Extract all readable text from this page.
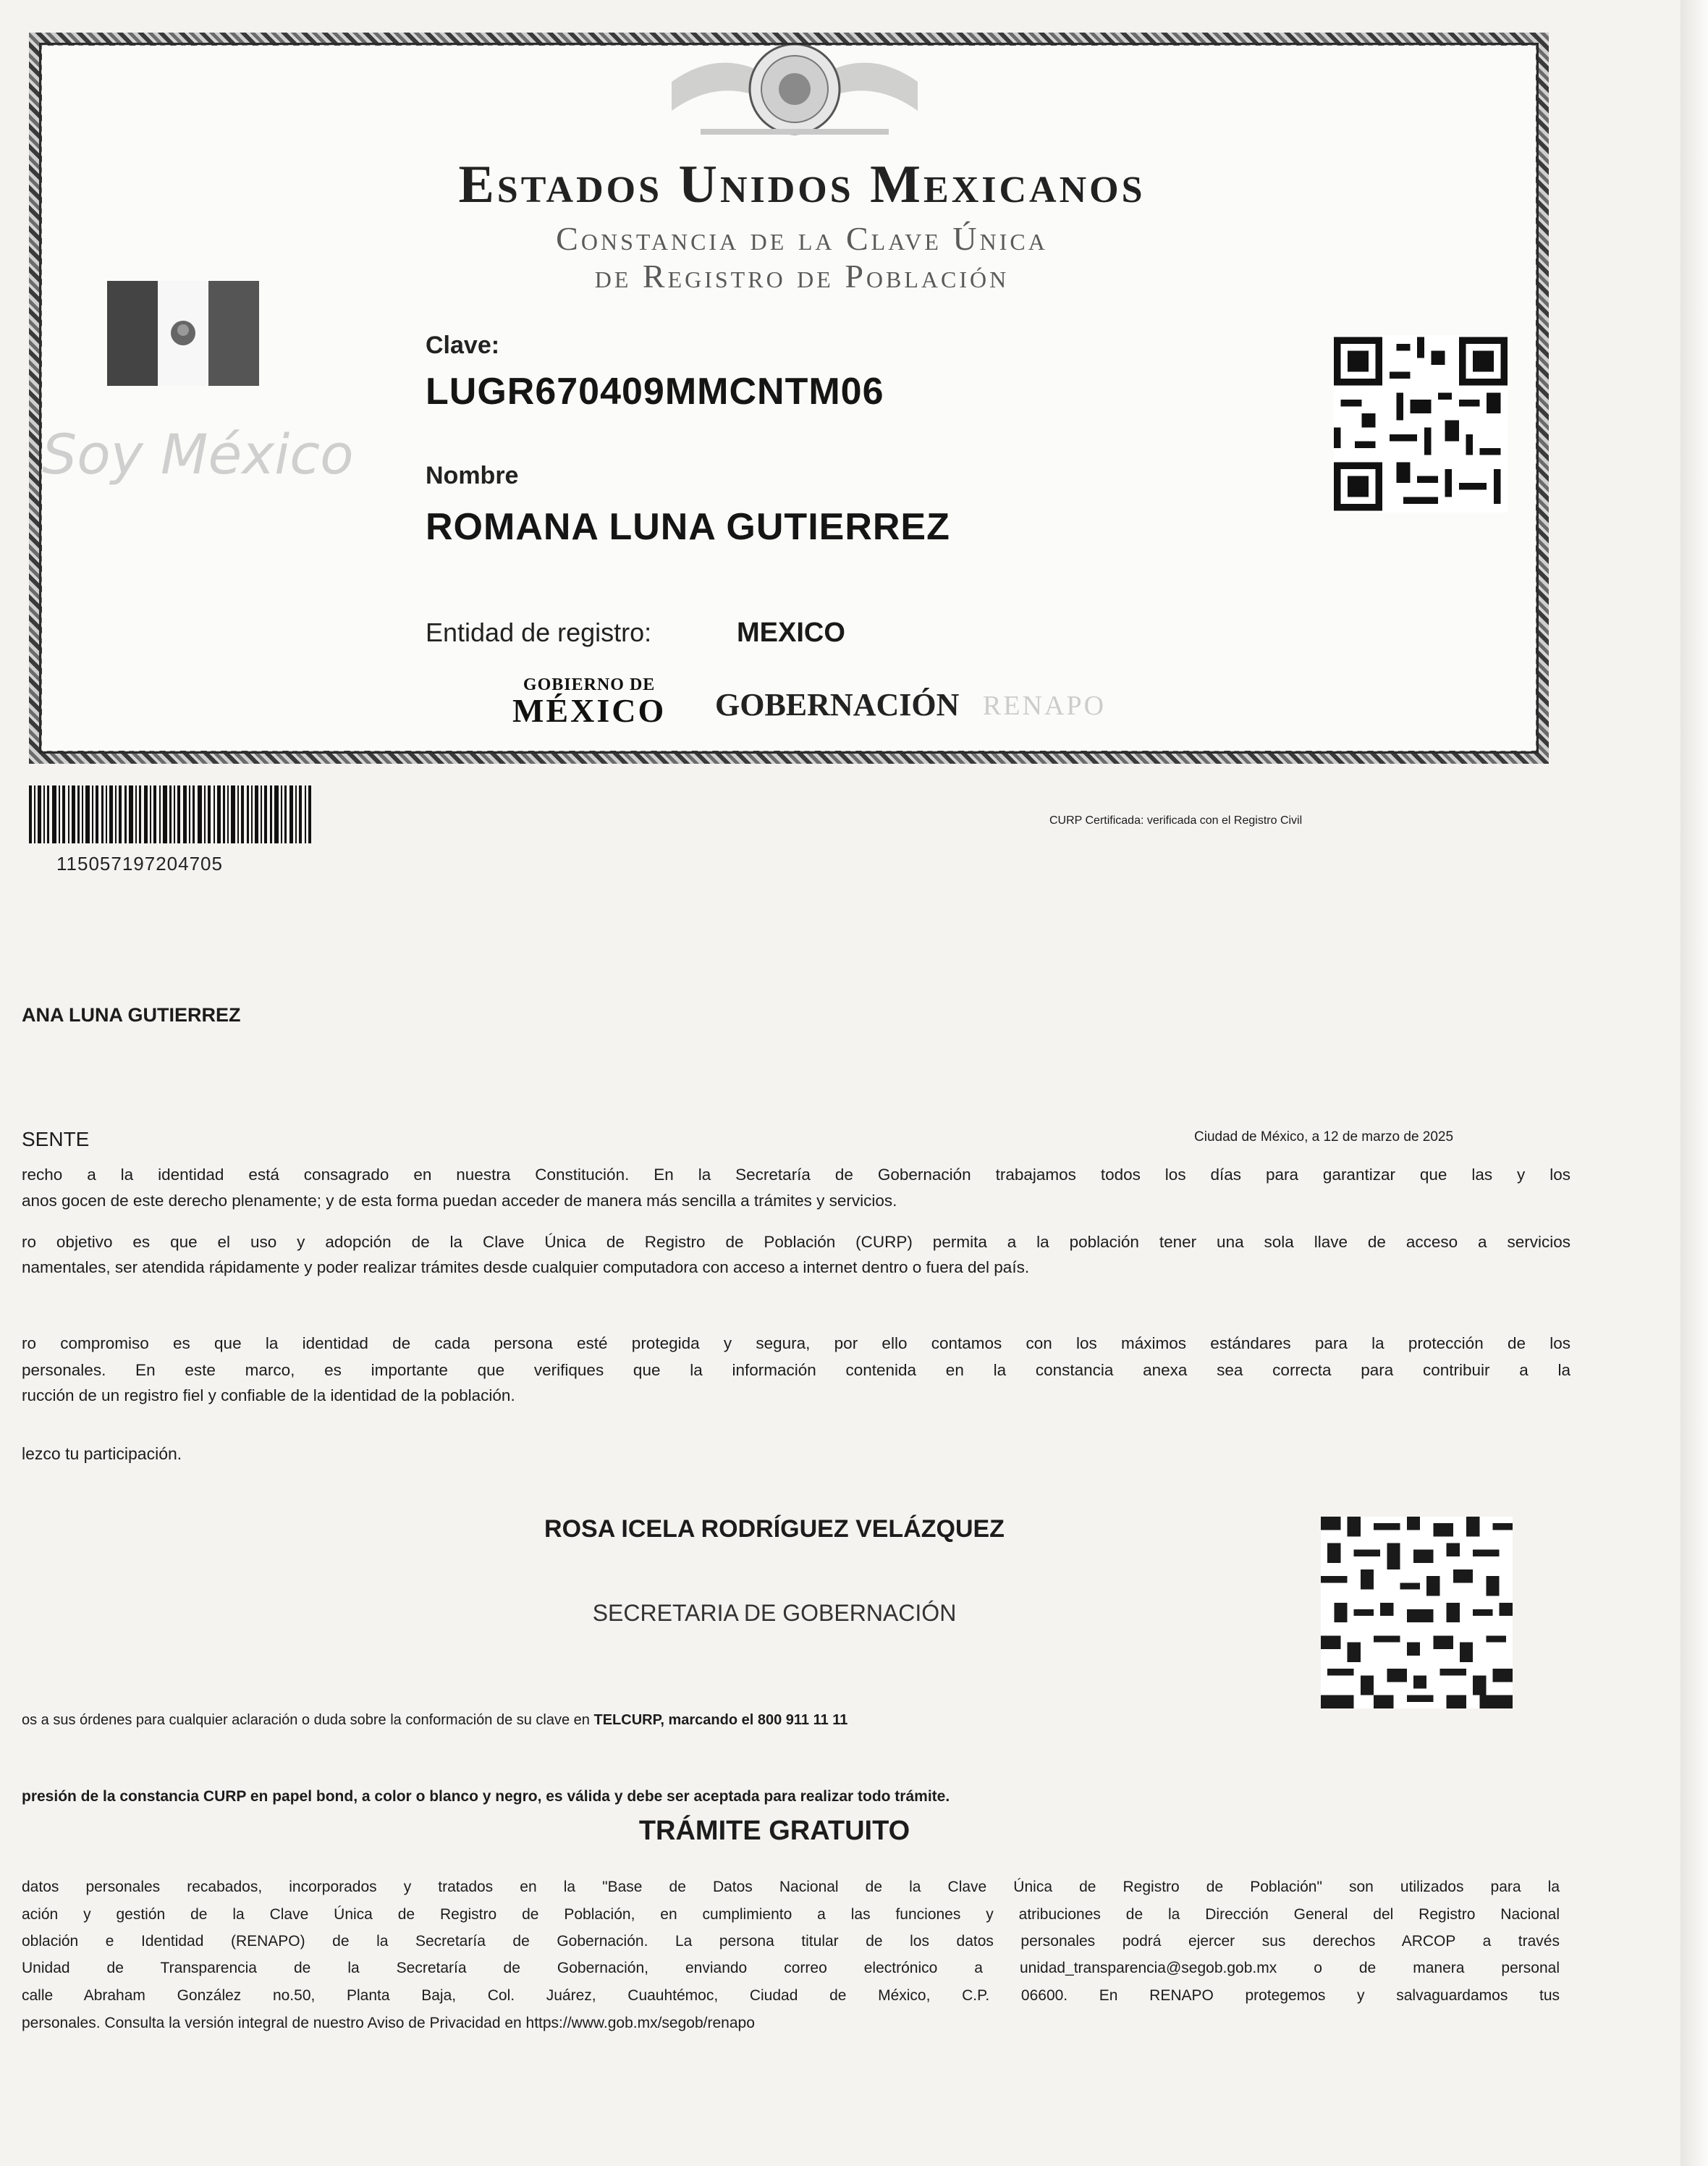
Estados Unidos Mexicanos
Constancia de la Clave Única
de Registro de Población
Soy México
Clave:
LUGR670409MMCNTM06
Nombre
ROMANA LUNA GUTIERREZ
Entidad de registro:	MEXICO
GOBIERNO DE
MÉXICO GOBERNACIÓN RENAPO
115057197204705
CURP Certificada: verificada con el Registro Civil
ANA LUNA GUTIERREZ
SENTE	Ciudad de México, a 12 de marzo de 2025
recho a la identidad está consagrado en nuestra Constitución. En la Secretaría de Gobernación trabajamos todos los días para garantizar que las y los
anos gocen de este derecho plenamente; y de esta forma puedan acceder de manera más sencilla a trámites y servicios.
ro objetivo es que el uso y adopción de la Clave Única de Registro de Población (CURP) permita a la población tener una sola llave de acceso a servicios
namentales, ser atendida rápidamente y poder realizar trámites desde cualquier computadora con acceso a internet dentro o fuera del país.
ro compromiso es que la identidad de cada persona esté protegida y segura, por ello contamos con los máximos estándares para la protección de los
personales. En este marco, es importante que verifiques que la información contenida en la constancia anexa sea correcta para contribuir a la
rucción de un registro fiel y confiable de la identidad de la población.
lezco tu participación.
ROSA ICELA RODRÍGUEZ VELÁZQUEZ
SECRETARIA DE GOBERNACIÓN
os a sus órdenes para cualquier aclaración o duda sobre la conformación de su clave en TELCURP, marcando el 800 911 11 11
presión de la constancia CURP en papel bond, a color o blanco y negro, es válida y debe ser aceptada para realizar todo trámite.
TRÁMITE GRATUITO
datos personales recabados, incorporados y tratados en la "Base de Datos Nacional de la Clave Única de Registro de Población" son utilizados para la
ación y gestión de la Clave Única de Registro de Población, en cumplimiento a las funciones y atribuciones de la Dirección General del Registro Nacional
oblación e Identidad (RENAPO) de la Secretaría de Gobernación. La persona titular de los datos personales podrá ejercer sus derechos ARCOP a través
Unidad de Transparencia de la Secretaría de Gobernación, enviando correo electrónico a unidad_transparencia@segob.gob.mx o de manera personal
calle Abraham González no.50, Planta Baja, Col. Juárez, Cuauhtémoc, Ciudad de México, C.P. 06600. En RENAPO protegemos y salvaguardamos tus
personales. Consulta la versión integral de nuestro Aviso de Privacidad en https://www.gob.mx/segob/renapo
